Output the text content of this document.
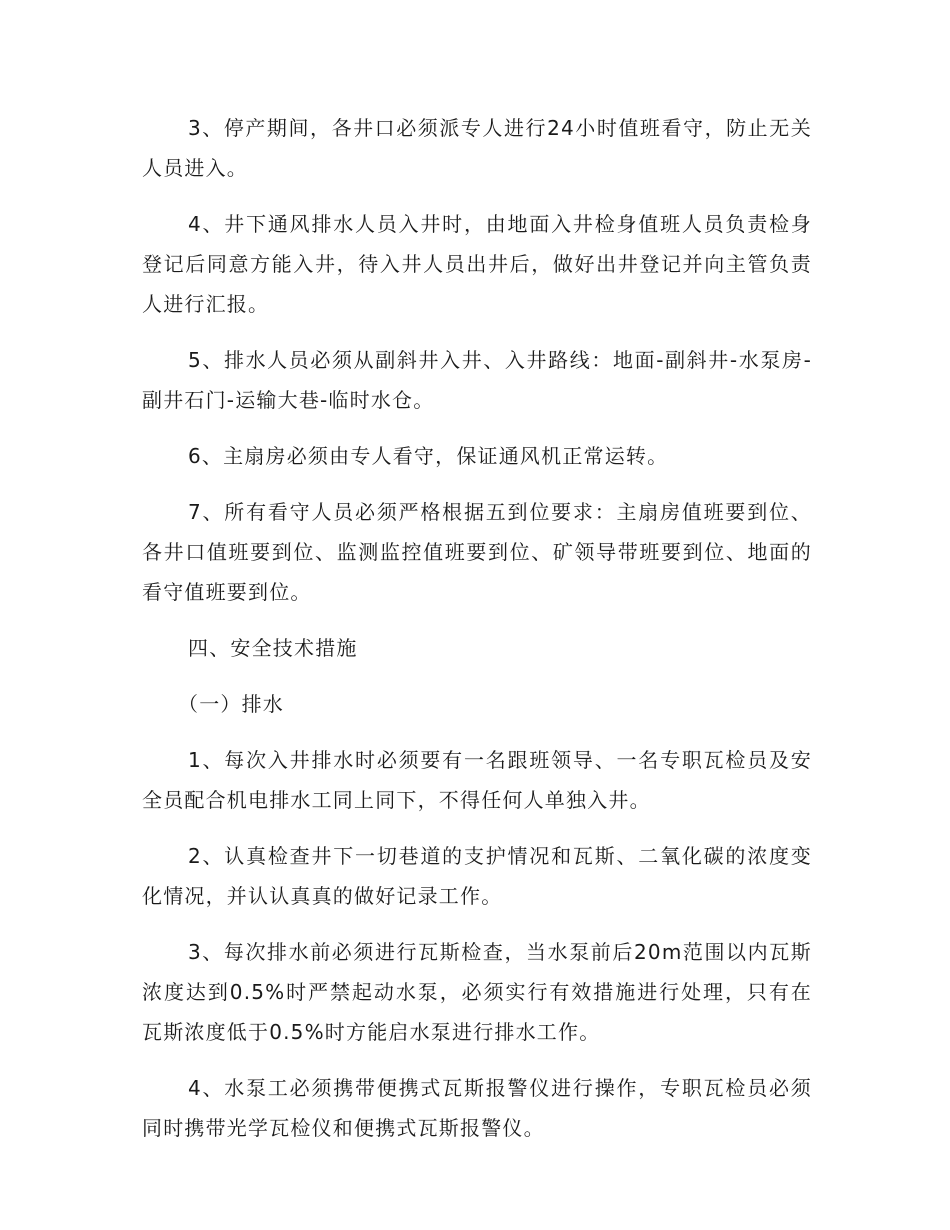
3、停产期间，各井口必须派专人进行24小时值班看守，防止无关人员进入。

4、井下通风排水人员入井时，由地面入井检身值班人员负责检身登记后同意方能入井，待入井人员出井后，做好出井登记并向主管负责人进行汇报。

5、排水人员必须从副斜井入井、入井路线：地面-副斜井-水泵房-副井石门-运输大巷-临时水仓。

6、主扇房必须由专人看守，保证通风机正常运转。

7、所有看守人员必须严格根据五到位要求：主扇房值班要到位、各井口值班要到位、监测监控值班要到位、矿领导带班要到位、地面的看守值班要到位。

四、安全技术措施

（一）排水

1、每次入井排水时必须要有一名跟班领导、一名专职瓦检员及安全员配合机电排水工同上同下，不得任何人单独入井。

2、认真检查井下一切巷道的支护情况和瓦斯、二氧化碳的浓度变化情况，并认认真真的做好记录工作。

3、每次排水前必须进行瓦斯检查，当水泵前后20m范围以内瓦斯浓度达到0.5%时严禁起动水泵，必须实行有效措施进行处理，只有在瓦斯浓度低于0.5%时方能启水泵进行排水工作。

4、水泵工必须携带便携式瓦斯报警仪进行操作，专职瓦检员必须同时携带光学瓦检仪和便携式瓦斯报警仪。
